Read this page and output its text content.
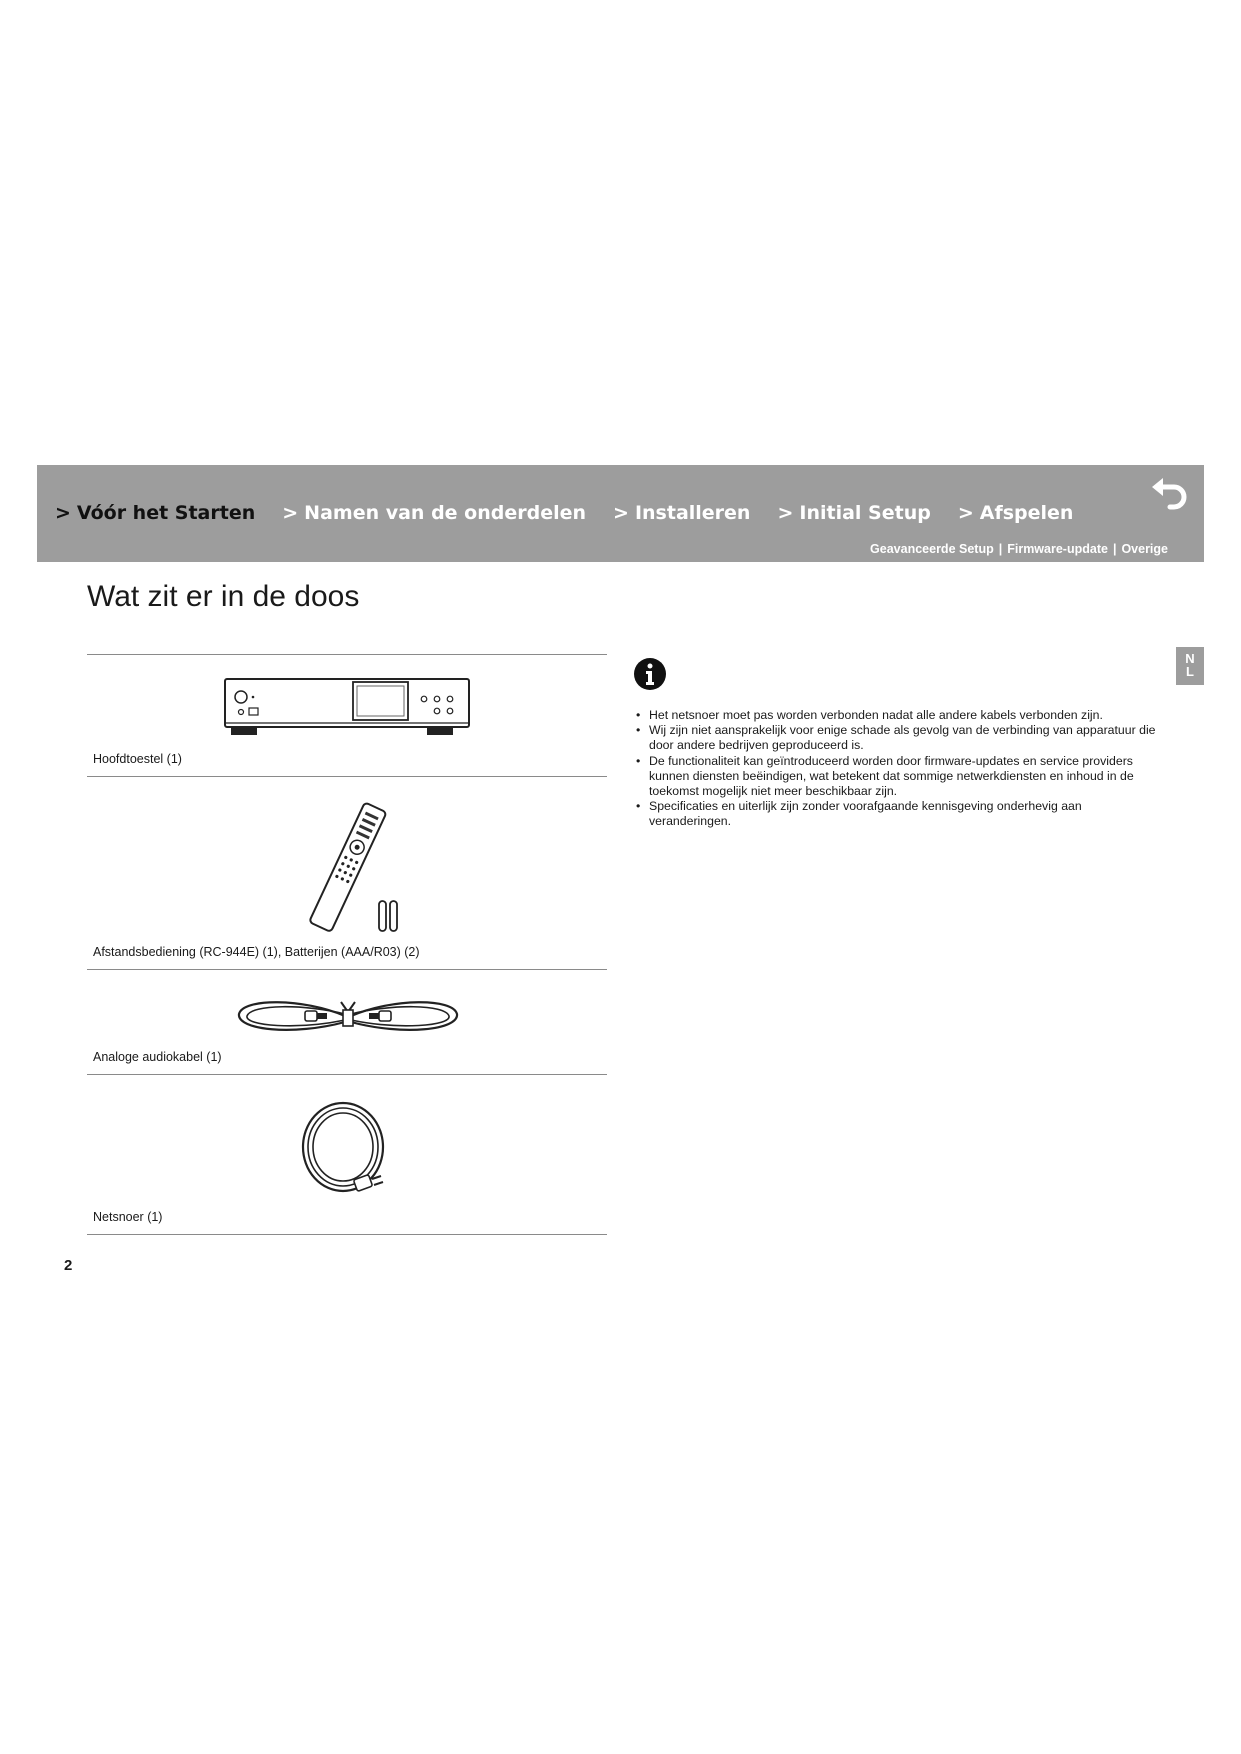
> Vóór het Starten > Namen van de onderdelen > Installeren > Initial Setup > Afspelen
Geavanceerde Setup | Firmware-update | Overige
Wat zit er in de doos
N
L
Hoofdtoestel (1)
Afstandsbediening (RC-944E) (1), Batterijen (AAA/R03) (2)
Analoge audiokabel (1)
Netsnoer (1)
• Het netsnoer moet pas worden verbonden nadat alle andere kabels verbonden zijn.
• Wij zijn niet aansprakelijk voor enige schade als gevolg van de verbinding van apparatuur die door andere bedrijven geproduceerd is.
• De functionaliteit kan geïntroduceerd worden door firmware-updates en service providers kunnen diensten beëindigen, wat betekent dat sommige netwerkdiensten en inhoud in de toekomst mogelijk niet meer beschikbaar zijn.
• Specificaties en uiterlijk zijn zonder voorafgaande kennisgeving onderhevig aan veranderingen.
2
